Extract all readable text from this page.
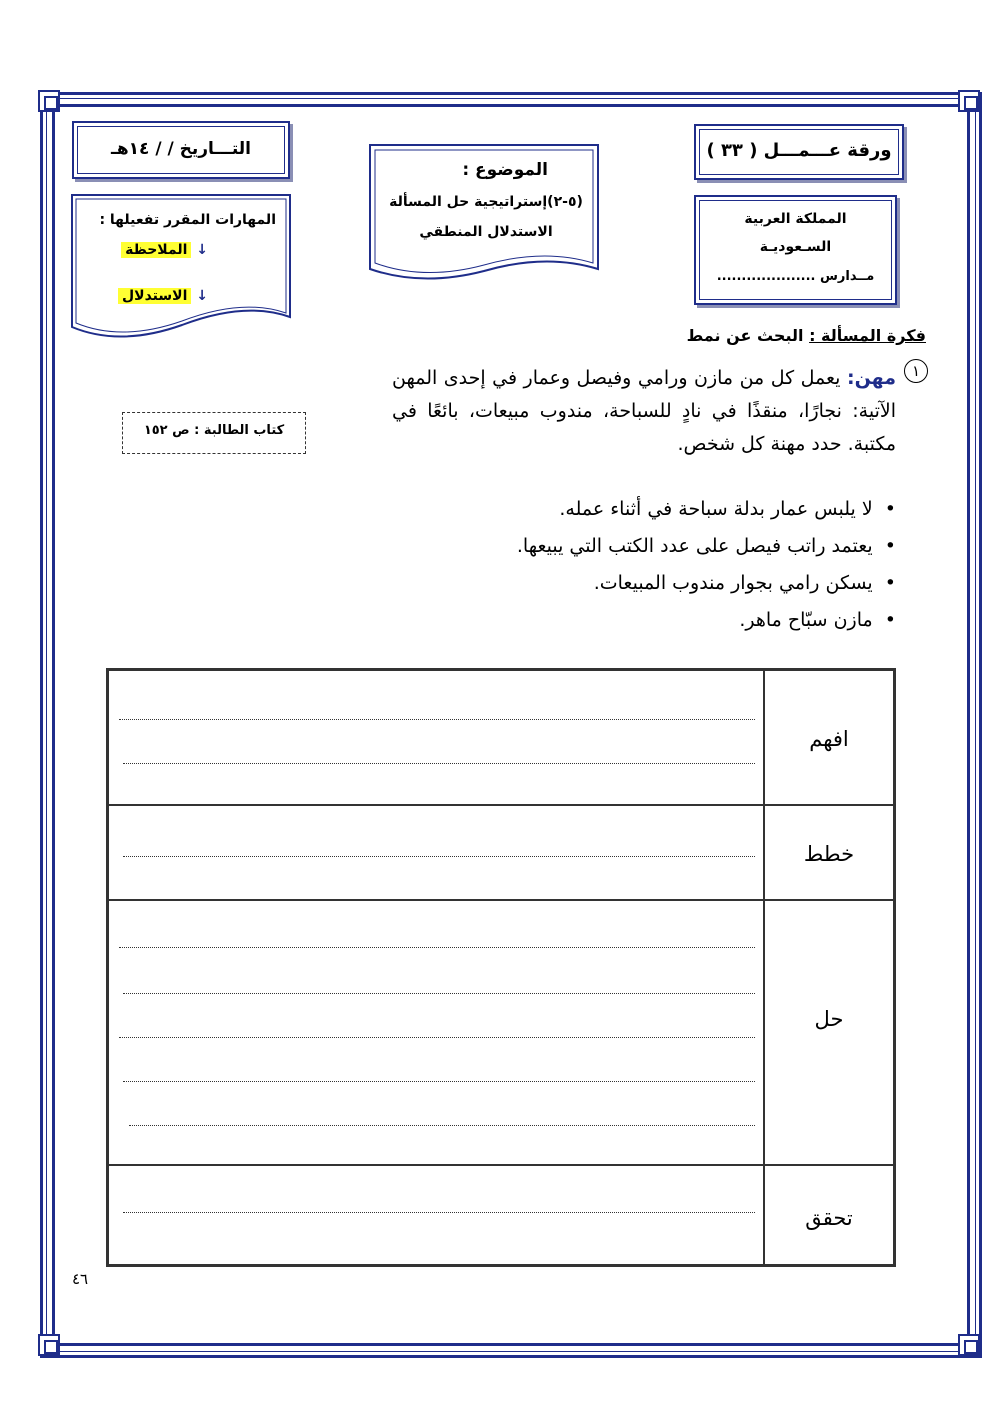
ورقة عـــمـــل ( ٣٣ )
التـــاريخ / / ١٤هـ
الموضوع :
(٥-٢)إستراتيجية حل المسألة
الاستدلال المنطقي
المملكة العربية
السـعوديـة
مــدارس ....................
المهارات المقرر تفعيلها :
↓ الملاحظة
↓ الاستدلال
فكرة المسألة : البحث عن نمط
كتاب الطالبة : ص ١٥٢
١
مهن: يعمل كل من مازن ورامي وفيصل وعمار في إحدى المهن الآتية: نجارًا، منقذًا في نادٍ للسباحة، مندوب مبيعات، بائعًا في مكتبة. حدد مهنة كل شخص.
•  لا يلبس عمار بدلة سباحة في أثناء عمله.
•  يعتمد راتب فيصل على عدد الكتب التي يبيعها.
•  يسكن رامي بجوار مندوب المبيعات.
•  مازن سبّاح ماهر.
افهم
خطط
حل
تحقق
٤٦
